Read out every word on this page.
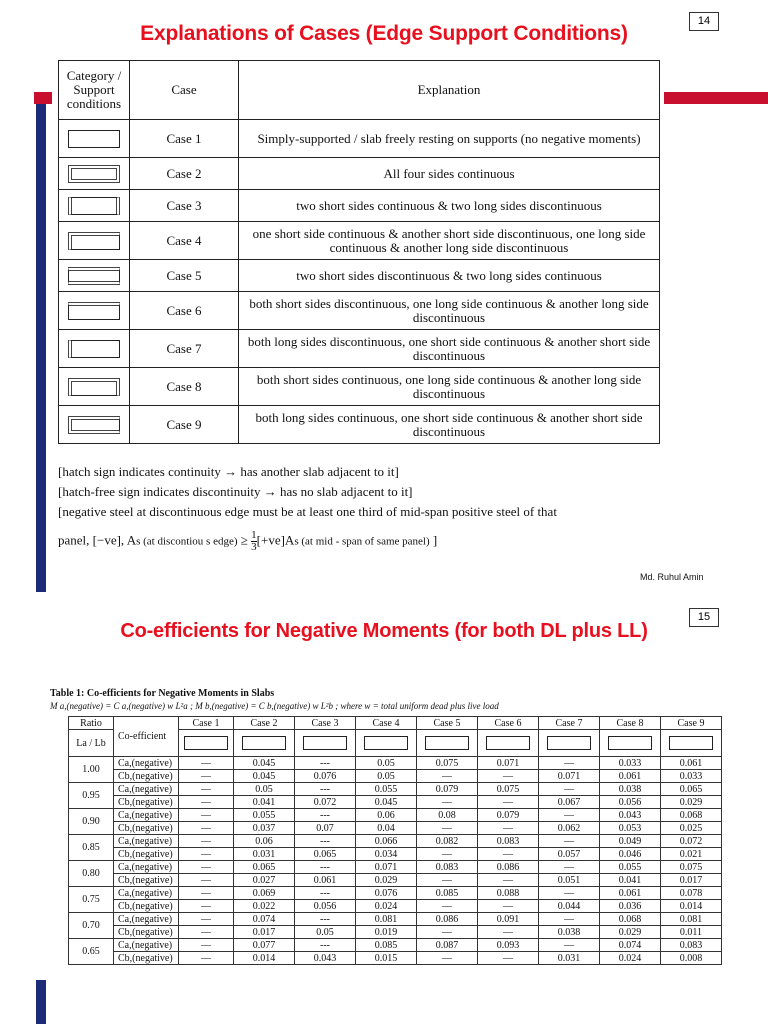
Explanations of Cases (Edge Support Conditions)
14
Category / Support conditions	Case	Explanation

	Case 1	Simply-supported / slab freely resting on supports (no negative moments)

	Case 2	All four sides continuous

	Case 3	two short sides continuous & two long sides discontinuous

	Case 4	one short side continuous & another short side discontinuous, one long side continuous & another long side discontinuous

	Case 5	two short sides discontinuous & two long sides continuous

	Case 6	both short sides discontinuous, one long side continuous & another long side discontinuous

	Case 7	both long sides discontinuous, one short side continuous & another short side discontinuous

	Case 8	both short sides continuous, one long side continuous & another long side discontinuous

	Case 9	both long sides continuous, one short side continuous & another short side discontinuous
[hatch sign indicates continuity → has another slab adjacent to it]
[hatch-free sign indicates discontinuity → has no slab adjacent to it]
[negative steel at discontinuous edge must be at least one third of mid-span positive steel of that
panel, [−ve], As (at discontiou s edge) ≥ $\frac{1}{3} [+ve]As$ (at mid - span of same panel) ]
Md. Ruhul Amin
Co-efficients for Negative Moments (for both DL plus LL)
15
Table 1: Co-efficients for Negative Moments in Slabs
M a,(negative) = C a,(negative) w L²a ; M b,(negative) = C b,(negative) w L²b ; where w = total uniform dead plus live load
Ratio	Co-efficient	Case 1	Case 2	Case 3	Case 4	Case 5	Case 6	Case 7	Case 8	Case 9
La / Lb		

1.00	Ca,(negative)	—	0.045	---	0.05	0.075	0.071	—	0.033	0.061
	Cb,(negative)	—	0.045	0.076	0.05	—	—	0.071	0.061	0.033
0.95	Ca,(negative)	—	0.05	---	0.055	0.079	0.075	—	0.038	0.065
	Cb,(negative)	—	0.041	0.072	0.045	—	—	0.067	0.056	0.029
0.90	Ca,(negative)	—	0.055	---	0.06	0.08	0.079	—	0.043	0.068
	Cb,(negative)	—	0.037	0.07	0.04	—	—	0.062	0.053	0.025
0.85	Ca,(negative)	—	0.06	---	0.066	0.082	0.083	—	0.049	0.072
	Cb,(negative)	—	0.031	0.065	0.034	—	—	0.057	0.046	0.021
0.80	Ca,(negative)	—	0.065	---	0.071	0.083	0.086	—	0.055	0.075
	Cb,(negative)	—	0.027	0.061	0.029	—	—	0.051	0.041	0.017
0.75	Ca,(negative)	—	0.069	---	0.076	0.085	0.088	—	0.061	0.078
	Cb,(negative)	—	0.022	0.056	0.024	—	—	0.044	0.036	0.014
0.70	Ca,(negative)	—	0.074	---	0.081	0.086	0.091	—	0.068	0.081
	Cb,(negative)	—	0.017	0.05	0.019	—	—	0.038	0.029	0.011
0.65	Ca,(negative)	—	0.077	---	0.085	0.087	0.093	—	0.074	0.083
	Cb,(negative)	—	0.014	0.043	0.015	—	—	0.031	0.024	0.008
